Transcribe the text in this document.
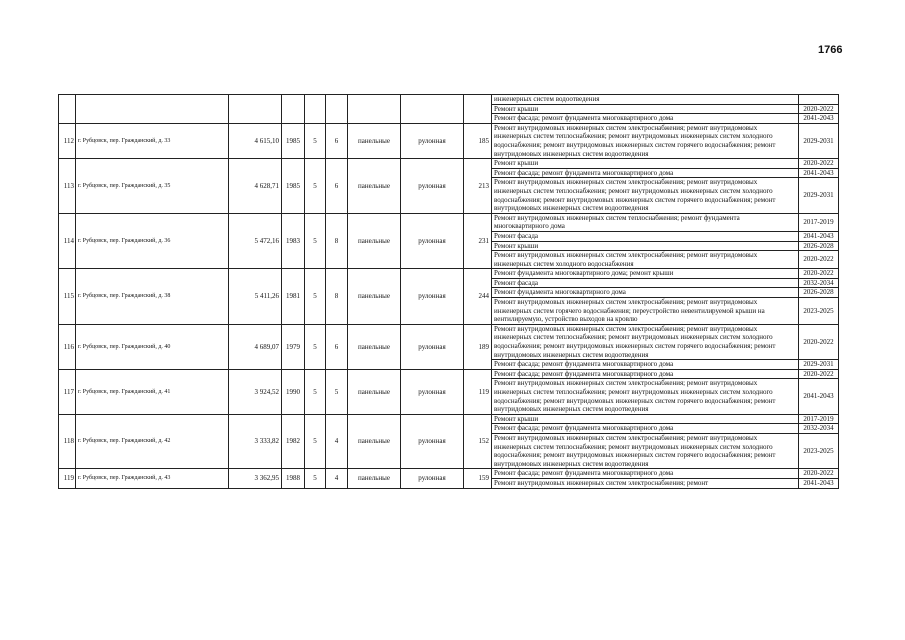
1766
									инженерных систем водоотведения	
									Ремонт крыши	2020-2022
									Ремонт фасада; ремонт фундамента многоквартирного дома	2041-2043
112	г. Рубцовск, пер. Гражданский, д. 33	4 615,10	1985	5	6	панельные	рулонная	185	Ремонт внутридомовых инженерных систем электроснабжения; ремонт внутридомовых инженерных систем теплоснабжения; ремонт внутридомовых инженерных систем холодного водоснабжения; ремонт внутридомовых инженерных систем горячего водоснабжения; ремонт внутридомовых инженерных систем водоотведения	2029-2031
113	г. Рубцовск, пер. Гражданский, д. 35	4 628,71	1985	5	6	панельные	рулонная	213	Ремонт крыши	2020-2022
									Ремонт фасада; ремонт фундамента многоквартирного дома	2041-2043
									Ремонт внутридомовых инженерных систем электроснабжения; ремонт внутридомовых инженерных систем теплоснабжения; ремонт внутридомовых инженерных систем холодного водоснабжения; ремонт внутридомовых инженерных систем горячего водоснабжения; ремонт внутридомовых инженерных систем водоотведения	2029-2031
114	г. Рубцовск, пер. Гражданский, д. 36	5 472,16	1983	5	8	панельные	рулонная	231	Ремонт внутридомовых инженерных систем теплоснабжения; ремонт фундамента многоквартирного дома	2017-2019
									Ремонт фасада	2041-2043
									Ремонт крыши	2026-2028
									Ремонт внутридомовых инженерных систем электроснабжения; ремонт внутридомовых инженерных систем холодного водоснабжения	2020-2022
115	г. Рубцовск, пер. Гражданский, д. 38	5 411,26	1981	5	8	панельные	рулонная	244	Ремонт фундамента многоквартирного дома; ремонт крыши	2020-2022
									Ремонт фасада	2032-2034
									Ремонт фундамента многоквартирного дома	2026-2028
									Ремонт внутридомовых инженерных систем электроснабжения; ремонт внутридомовых инженерных систем горячего водоснабжения; переустройство невентилируемой крыши на вентилируемую, устройство выходов на кровлю	2023-2025
116	г. Рубцовск, пер. Гражданский, д. 40	4 689,07	1979	5	6	панельные	рулонная	189	Ремонт внутридомовых инженерных систем электроснабжения; ремонт внутридомовых инженерных систем теплоснабжения; ремонт внутридомовых инженерных систем холодного водоснабжения; ремонт внутридомовых инженерных систем горячего водоснабжения; ремонт внутридомовых инженерных систем водоотведения	2020-2022
									Ремонт фасада; ремонт фундамента многоквартирного дома	2029-2031
117	г. Рубцовск, пер. Гражданский, д. 41	3 924,52	1990	5	5	панельные	рулонная	119	Ремонт фасада; ремонт фундамента многоквартирного дома	2020-2022
									Ремонт внутридомовых инженерных систем электроснабжения; ремонт внутридомовых инженерных систем теплоснабжения; ремонт внутридомовых инженерных систем холодного водоснабжения; ремонт внутридомовых инженерных систем горячего водоснабжения; ремонт внутридомовых инженерных систем водоотведения	2041-2043
118	г. Рубцовск, пер. Гражданский, д. 42	3 333,82	1982	5	4	панельные	рулонная	152	Ремонт крыши	2017-2019
									Ремонт фасада; ремонт фундамента многоквартирного дома	2032-2034
									Ремонт внутридомовых инженерных систем электроснабжения; ремонт внутридомовых инженерных систем теплоснабжения; ремонт внутридомовых инженерных систем холодного водоснабжения; ремонт внутридомовых инженерных систем горячего водоснабжения; ремонт внутридомовых инженерных систем водоотведения	2023-2025
119	г. Рубцовск, пер. Гражданский, д. 43	3 362,95	1988	5	4	панельные	рулонная	159	Ремонт фасада; ремонт фундамента многоквартирного дома	2020-2022
									Ремонт внутридомовых инженерных систем электроснабжения; ремонт	2041-2043
